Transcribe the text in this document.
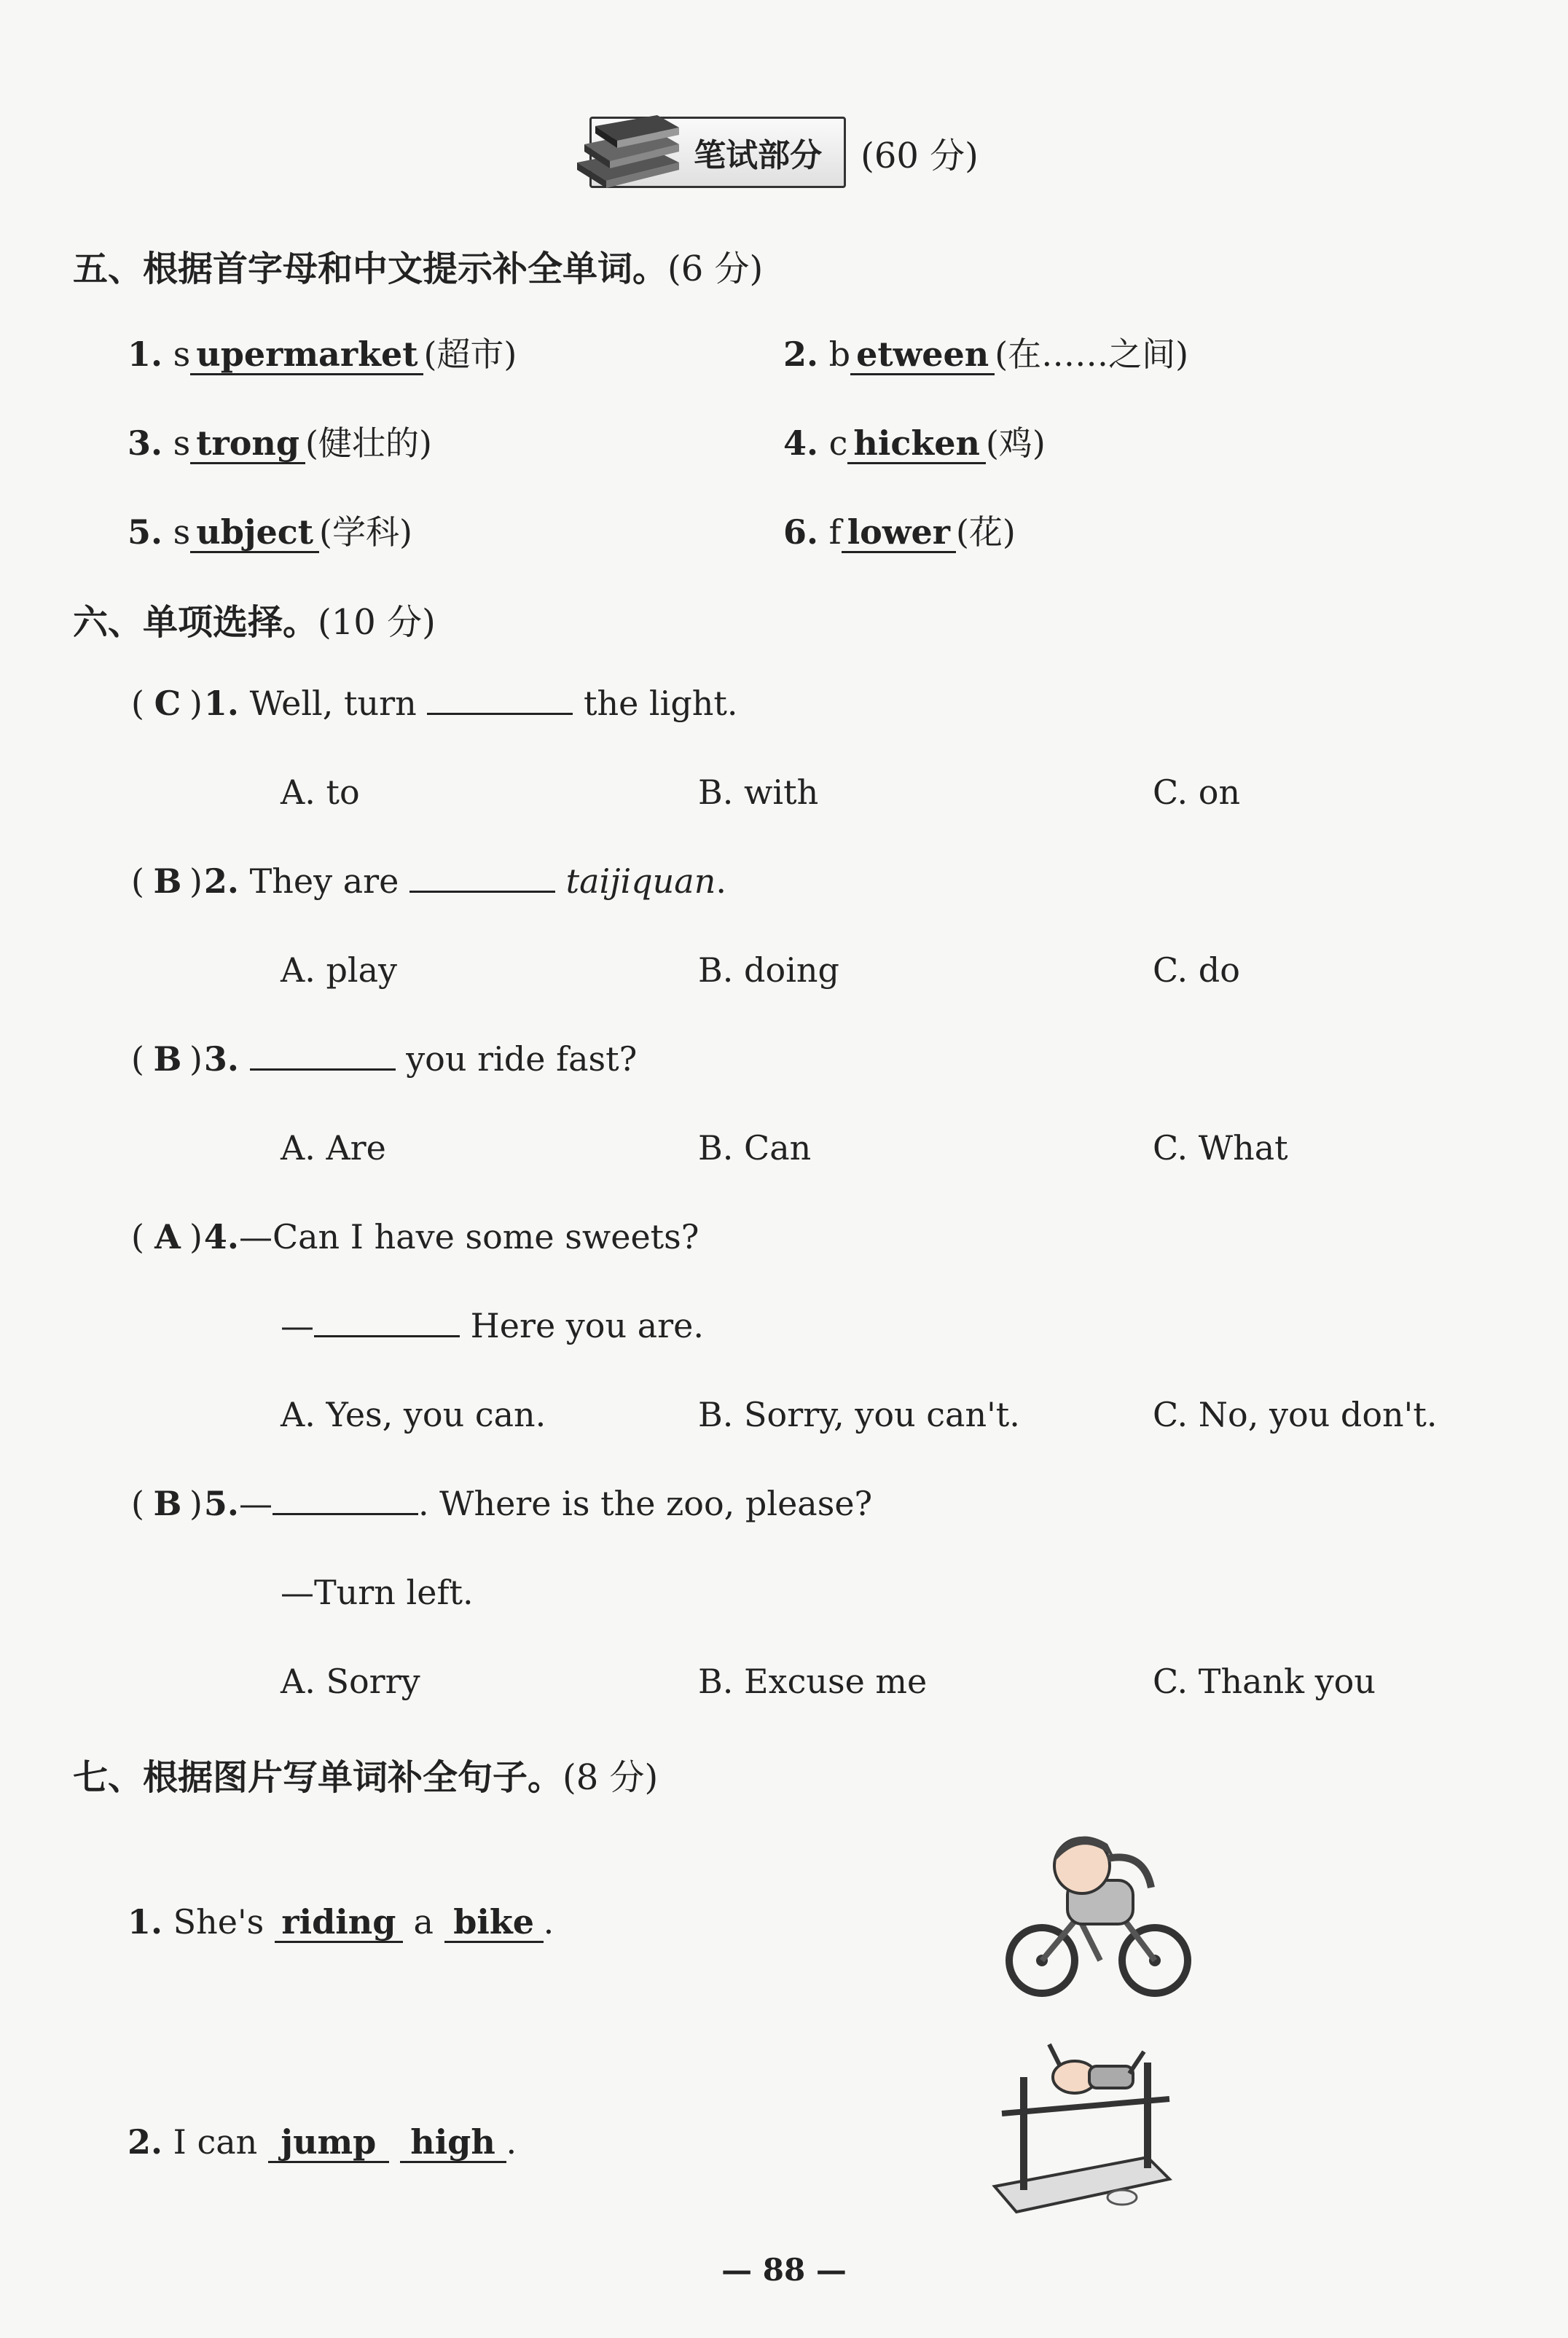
笔试部分 (60 分)
五、根据首字母和中文提示补全单词。(6 分)
1. s upermarket (超市)	2. b etween (在……之间)
3. s trong (健壮的)	4. c hicken (鸡)
5. s ubject (学科)	6. f lower (花)
六、单项选择。(10 分)
( C )1. Well, turn	the light.
A. to	B. with	C. on
( B )2. They are	taijiquan.
A. play	B. doing	C. do
( B )3.	you ride fast?
A. Are	B. Can	C. What
( A )4.—Can I have some sweets?
—	Here you are.
A. Yes, you can.	B. Sorry, you can't.	C. No, you don't.
( B )5.—	. Where is the zoo, please?
—Turn left.
A. Sorry	B. Excuse me	C. Thank you
七、根据图片写单词补全句子。(8 分)
1. She's riding a bike .
2. I can jump high .
— 88 —
